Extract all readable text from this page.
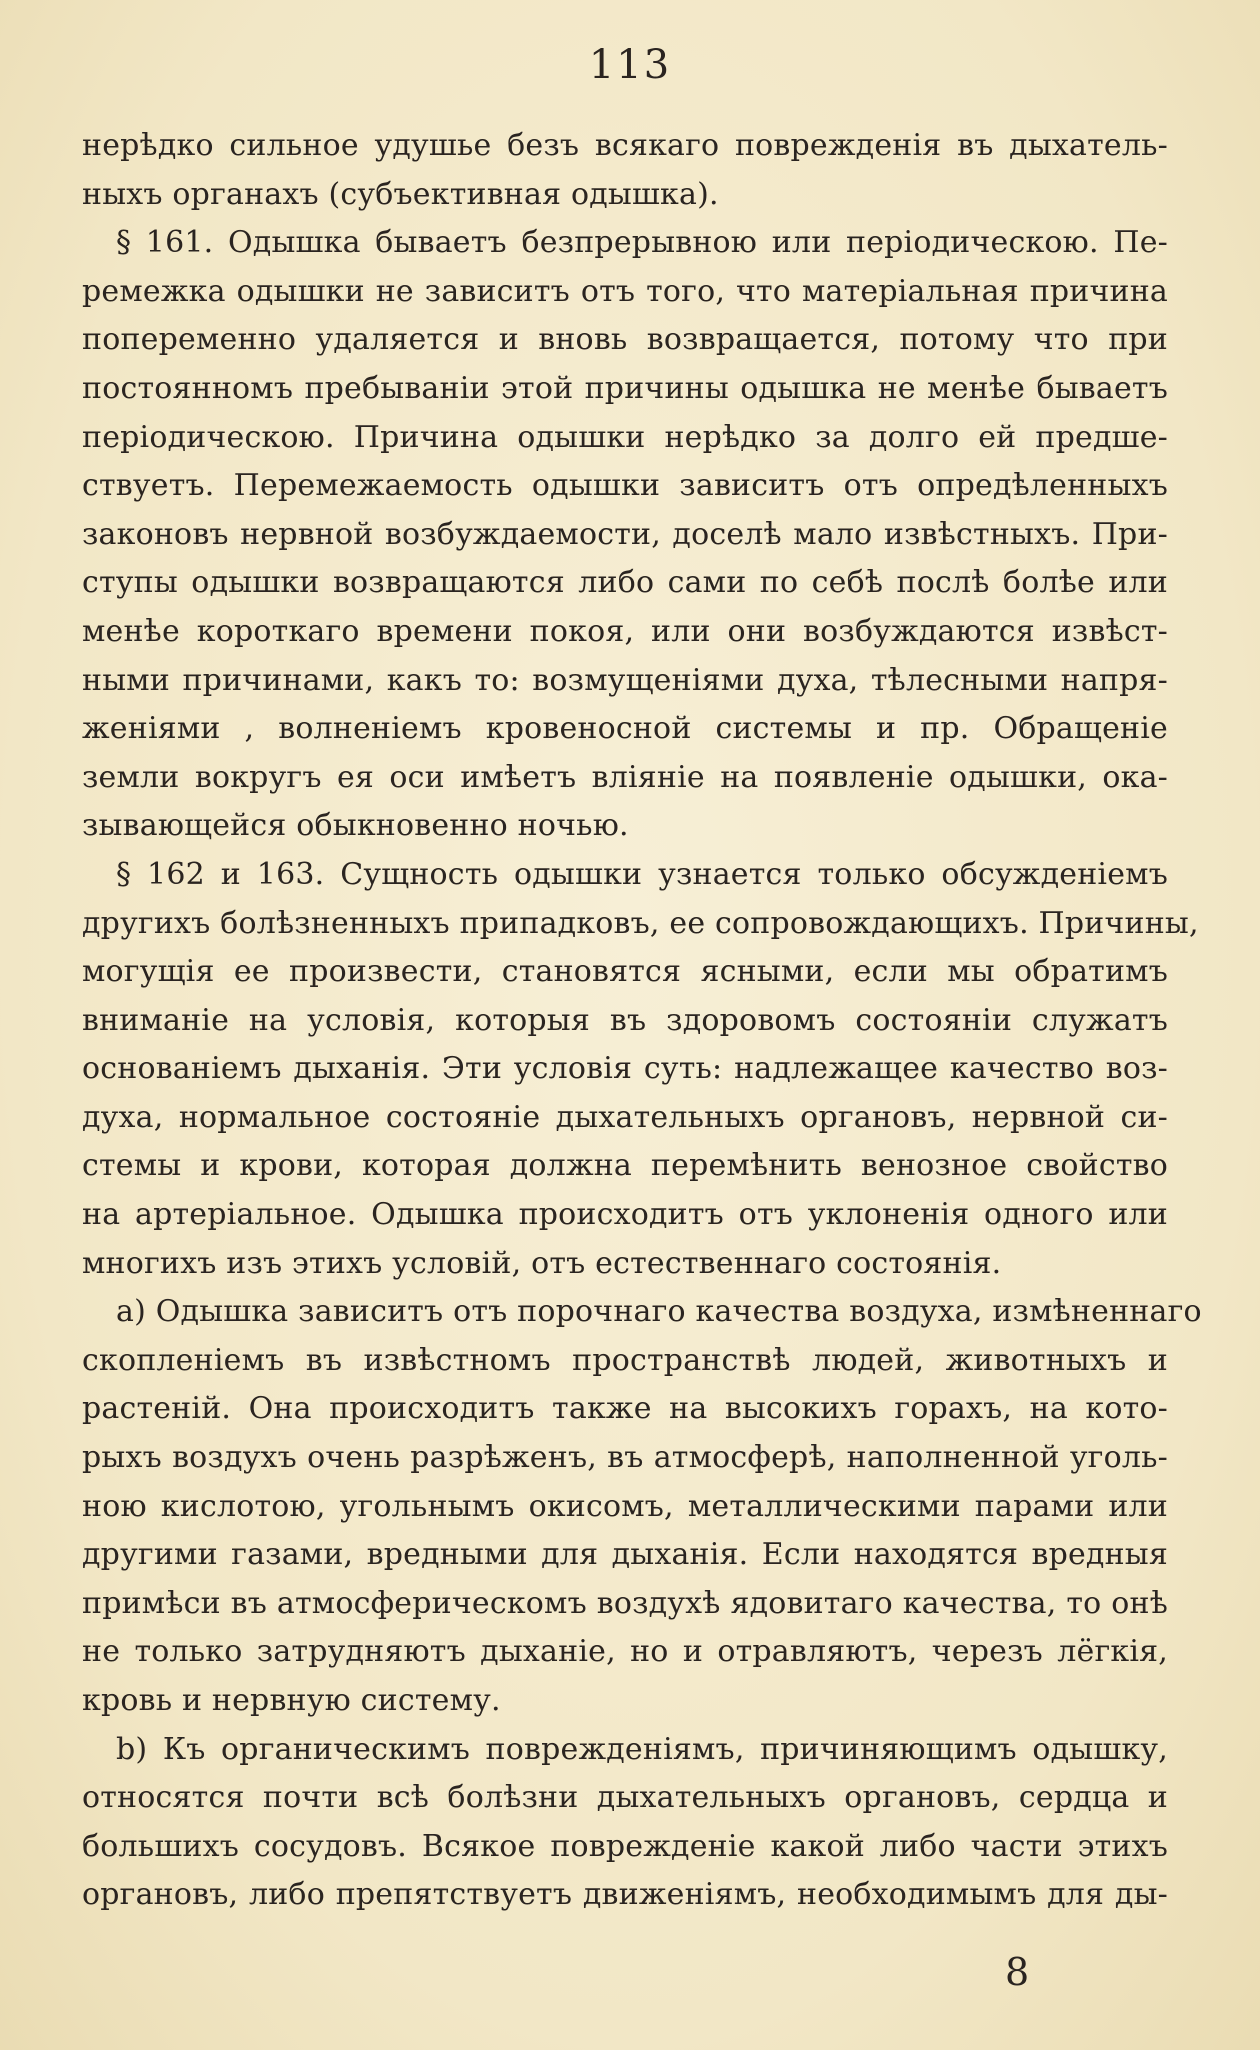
113
нерѣдко сильное удушье безъ всякаго поврежденія въ дыхатель-
ныхъ органахъ (субъективная одышка).
§ 161. Одышка бываетъ безпрерывною или періодическою. Пе-
ремежка одышки не зависитъ отъ того, что матеріальная причина
попеременно удаляется и вновь возвращается, потому что при
постоянномъ пребываніи этой причины одышка не менѣе бываетъ
періодическою. Причина одышки нерѣдко за долго ей предше-
ствуетъ. Перемежаемость одышки зависитъ отъ опредѣленныхъ
законовъ нервной возбуждаемости, доселѣ мало извѣстныхъ. При-
ступы одышки возвращаются либо сами по себѣ послѣ болѣе или
менѣе короткаго времени покоя, или они возбуждаются извѣст-
ными причинами, какъ то: возмущеніями духа, тѣлесными напря-
женіями , волненіемъ кровеносной системы и пр. Обращеніе
земли вокругъ ея оси имѣетъ вліяніе на появленіе одышки, ока-
зывающейся обыкновенно ночью.
§ 162 и 163. Сущность одышки узнается только обсужденіемъ
другихъ болѣзненныхъ припадковъ, ее сопровождающихъ. Причины,
могущія ее произвести, становятся ясными, если мы обратимъ
вниманіе на условія, которыя въ здоровомъ состояніи служатъ
основаніемъ дыханія. Эти условія суть: надлежащее качество воз-
духа, нормальное состояніе дыхательныхъ органовъ, нервной си-
стемы и крови, которая должна перемѣнить венозное свойство
на артеріальное. Одышка происходитъ отъ уклоненія одного или
многихъ изъ этихъ условій, отъ естественнаго состоянія.
a) Одышка зависитъ отъ порочнаго качества воздуха, измѣненнаго
скопленіемъ въ извѣстномъ пространствѣ людей, животныхъ и
растеній. Она происходитъ также на высокихъ горахъ, на кото-
рыхъ воздухъ очень разрѣженъ, въ атмосферѣ, наполненной уголь-
ною кислотою, угольнымъ окисомъ, металлическими парами или
другими газами, вредными для дыханія. Если находятся вредныя
примѣси въ атмосферическомъ воздухѣ ядовитаго качества, то онѣ
не только затрудняютъ дыханіе, но и отравляютъ, черезъ лёгкія,
кровь и нервную систему.
b) Къ органическимъ поврежденіямъ, причиняющимъ одышку,
относятся почти всѣ болѣзни дыхательныхъ органовъ, сердца и
большихъ сосудовъ. Всякое поврежденіе какой либо части этихъ
органовъ, либо препятствуетъ движеніямъ, необходимымъ для ды-
8
